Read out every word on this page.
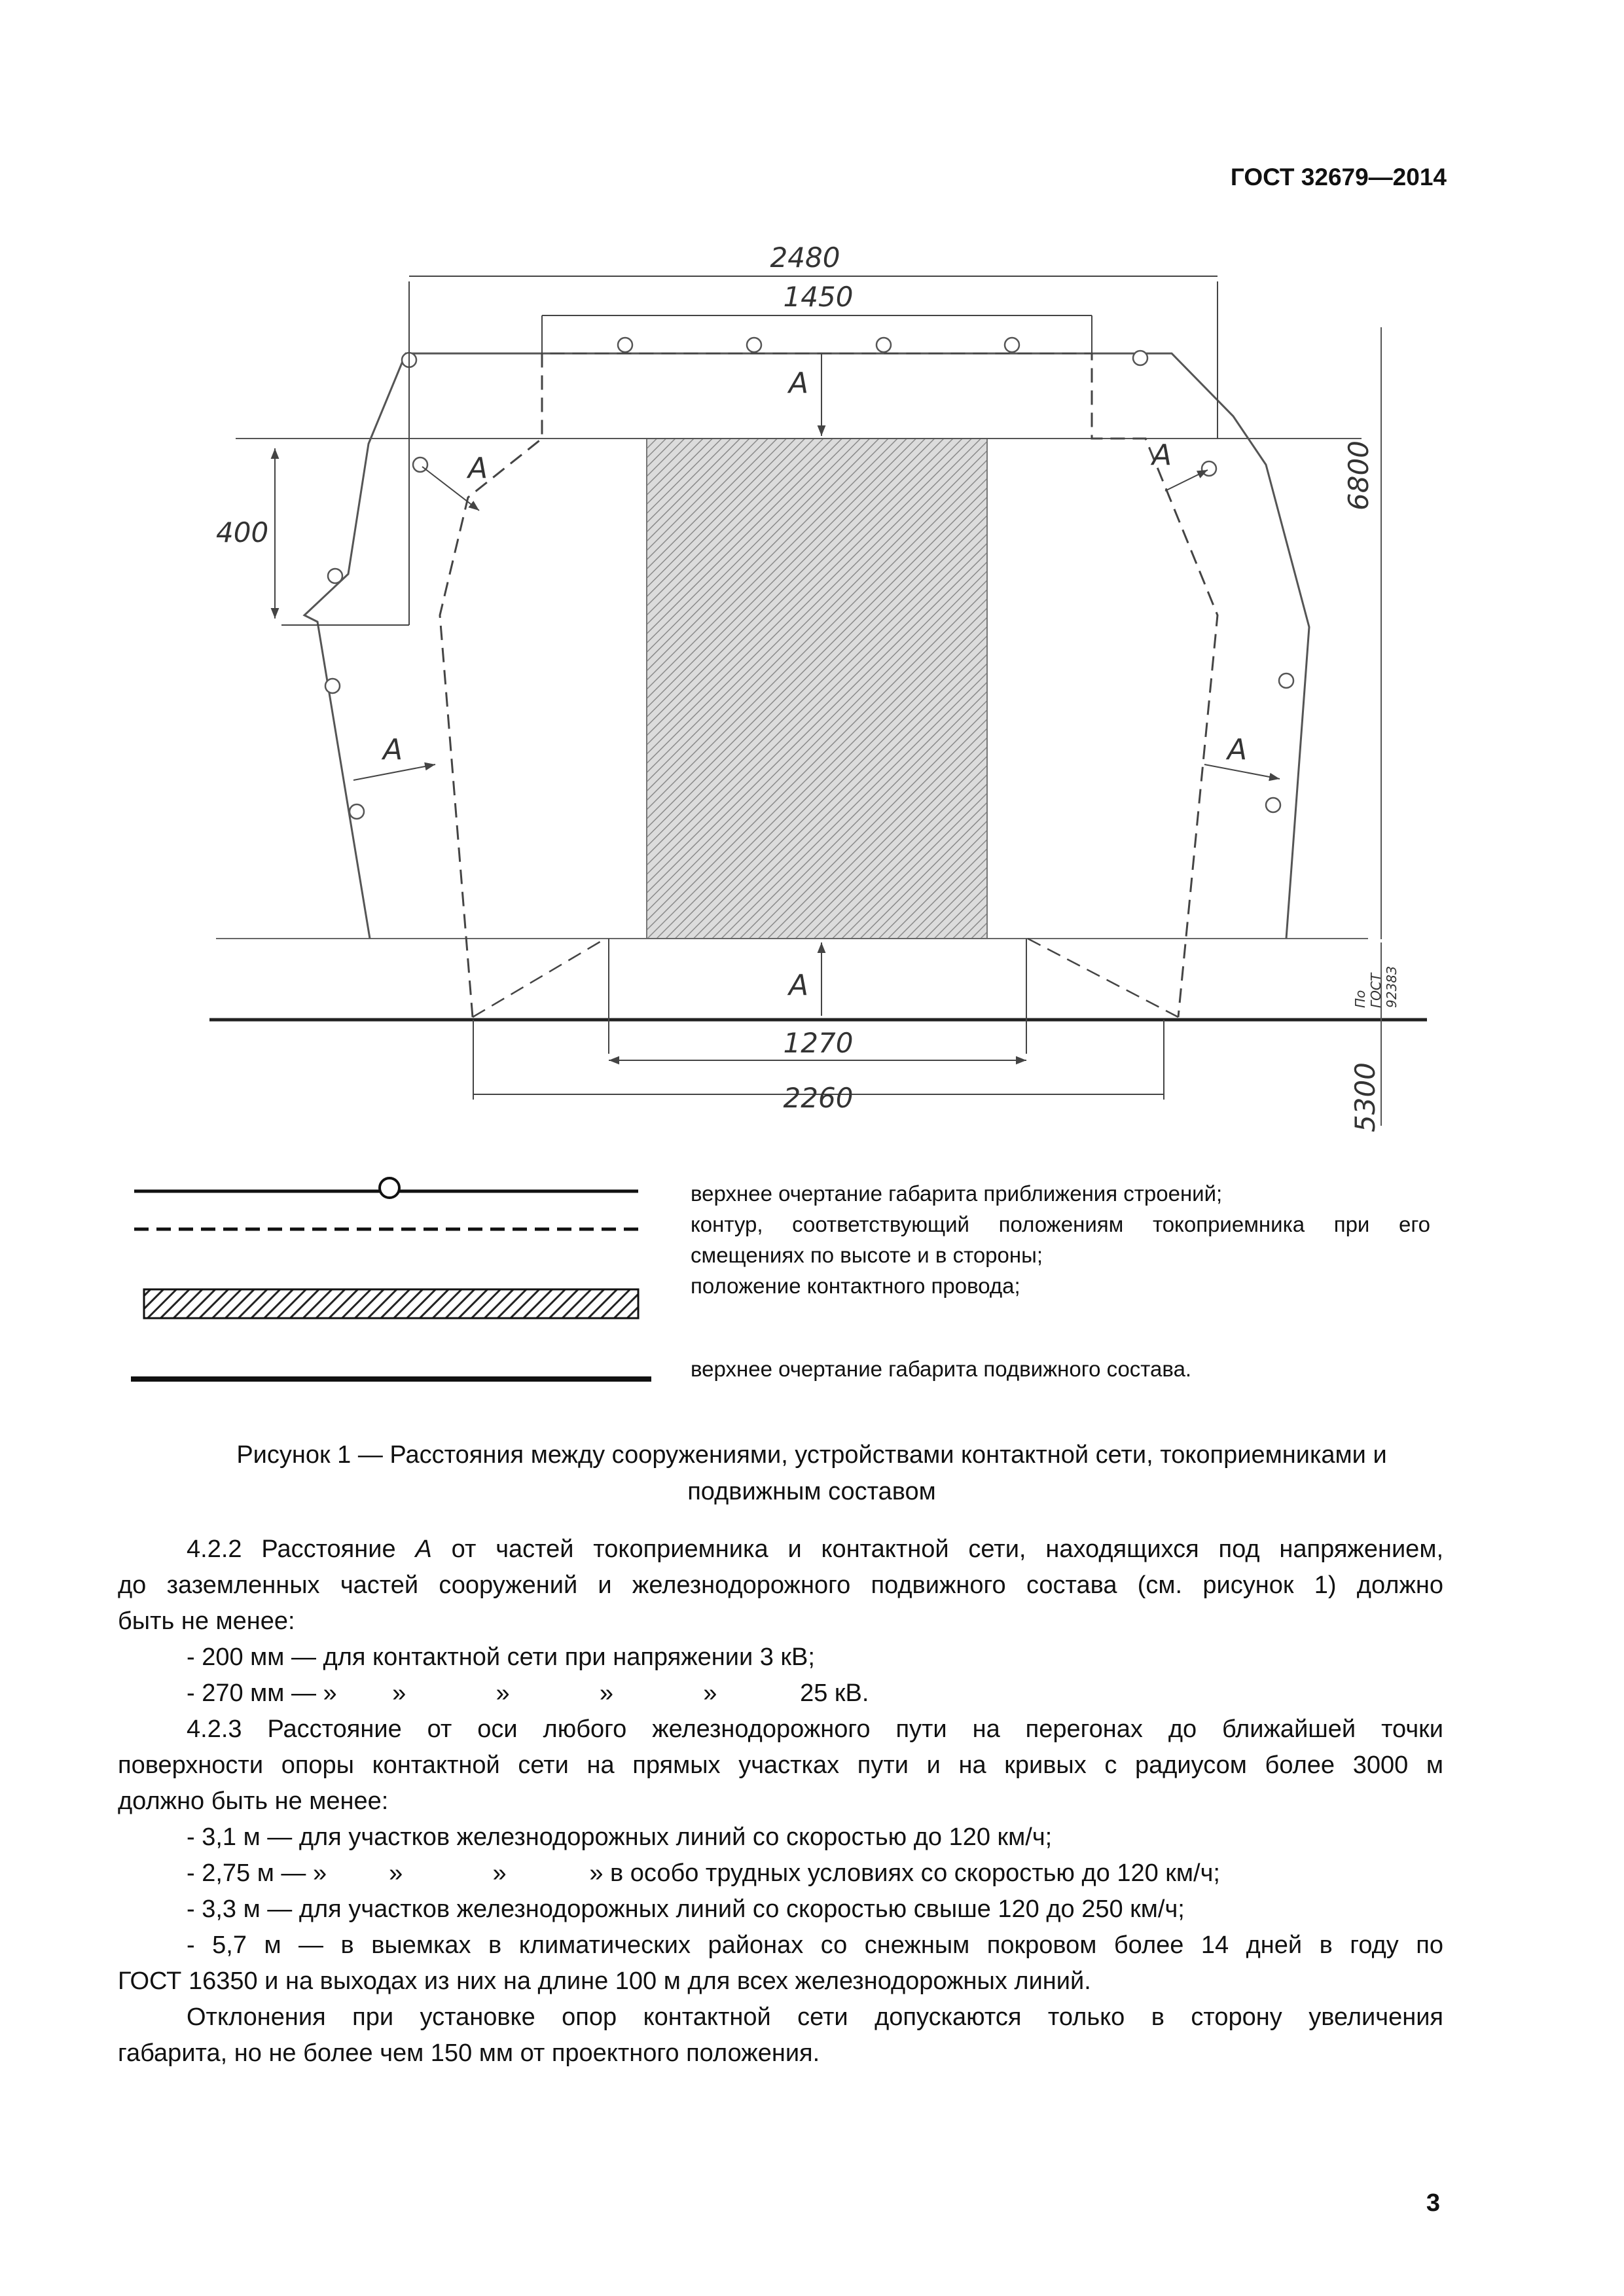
ГОСТ 32679—2014
2480
1450
400
6800
1270
2260	5300
По ГОСТ 9238З
A
A
A
A
A
A
верхнее очертание габарита приближения строений;
контур, соответствующий положениям токоприемника при его
смещениях по высоте и в стороны;
положение контактного провода;
верхнее очертание габарита подвижного состава.
Рисунок 1 — Расстояния между сооружениями, устройствами контактной сети, токоприемниками и
подвижным составом
4.2.2 Расстояние А от частей токоприемника и контактной сети, находящихся под напряжением,
до заземленных частей сооружений и железнодорожного подвижного состава (см. рисунок 1) должно
быть не менее:
- 200 мм — для контактной сети при напряжении 3 кВ;
- 270 мм — »        »             »             »             »            25 кВ.
4.2.3 Расстояние от оси любого железнодорожного пути на перегонах до ближайшей точки
поверхности опоры контактной сети на прямых участках пути и на кривых с радиусом более 3000 м
должно быть не менее:
- 3,1 м — для участков железнодорожных линий со скоростью до 120 км/ч;
- 2,75 м — »         »             »            » в особо трудных условиях со скоростью до 120 км/ч;
- 3,3 м — для участков железнодорожных линий со скоростью свыше 120 до 250 км/ч;
- 5,7 м — в выемках в климатических районах со снежным покровом более 14 дней в году по
ГОСТ 16350 и на выходах из них на длине 100 м для всех железнодорожных линий.
Отклонения при установке опор контактной сети допускаются только в сторону увеличения
габарита, но не более чем 150 мм от проектного положения.
3
